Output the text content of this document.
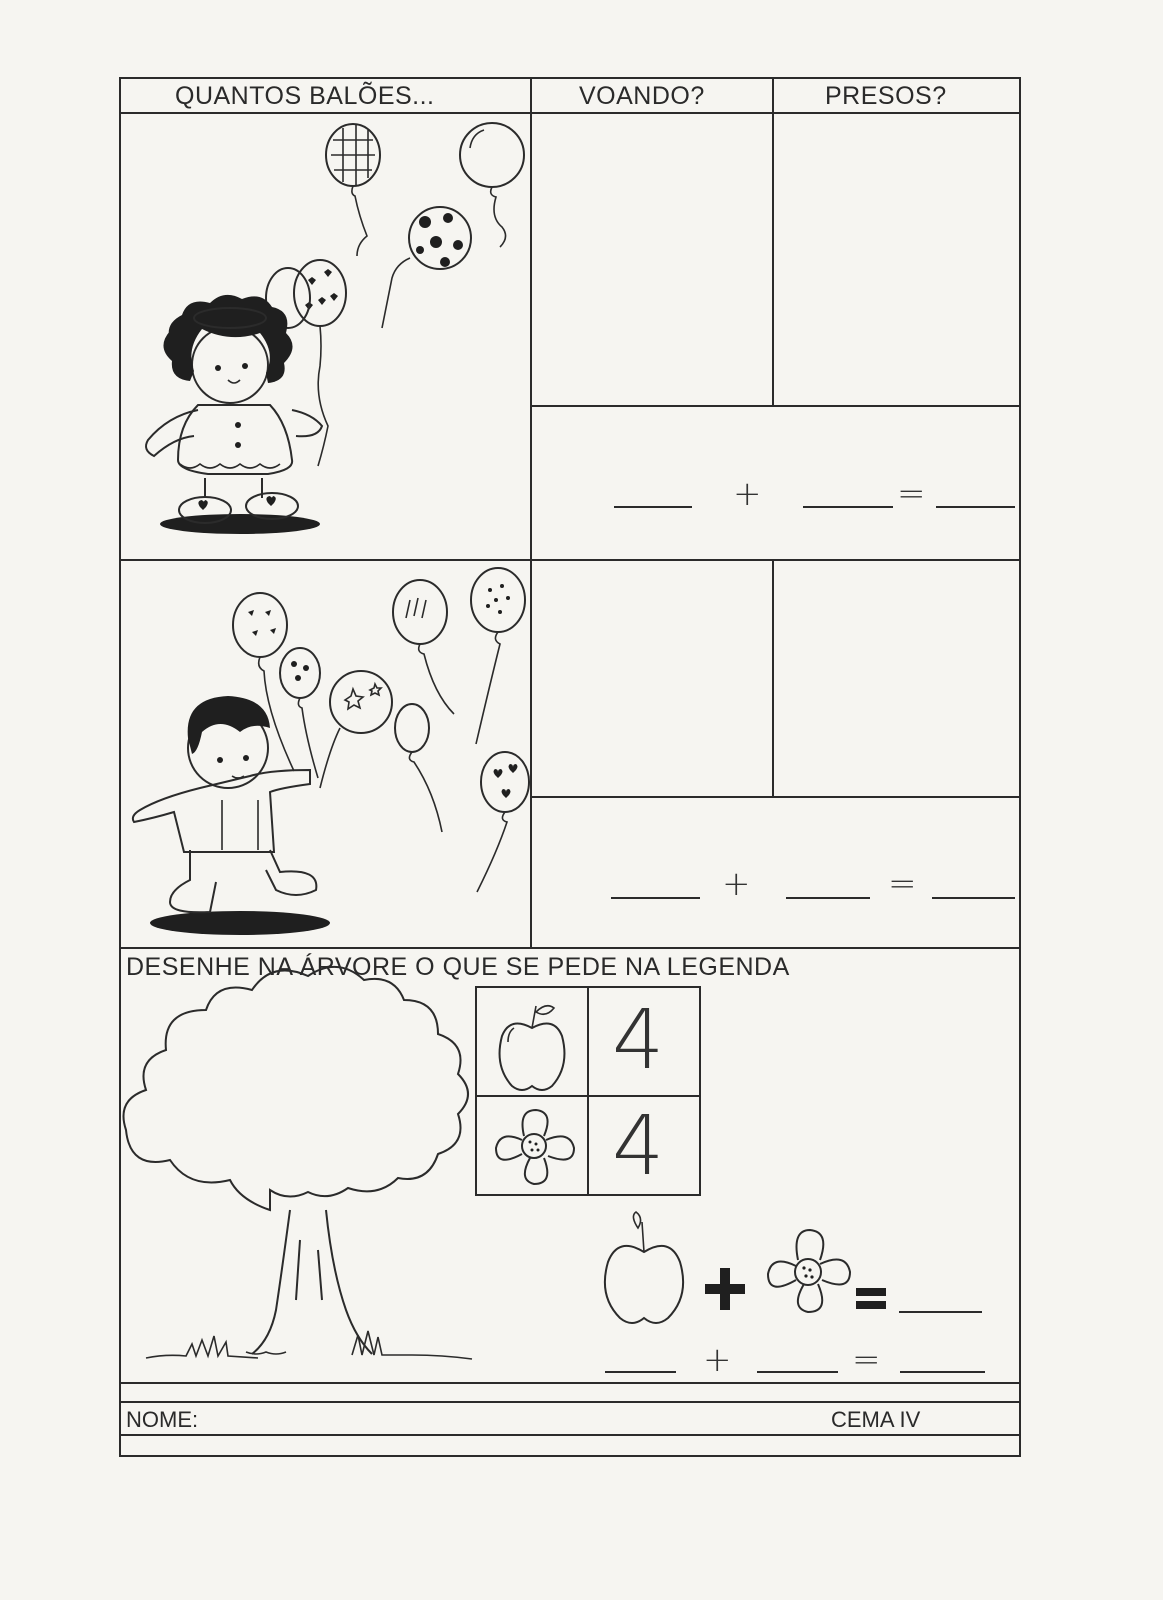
QUANTOS BALÕES...	VOANDO?	PRESOS?
+	=
+	=
DESENHE NA ÁRVORE O QUE SE PEDE NA LEGENDA
4
4
+	=
NOME:	CEMA IV
